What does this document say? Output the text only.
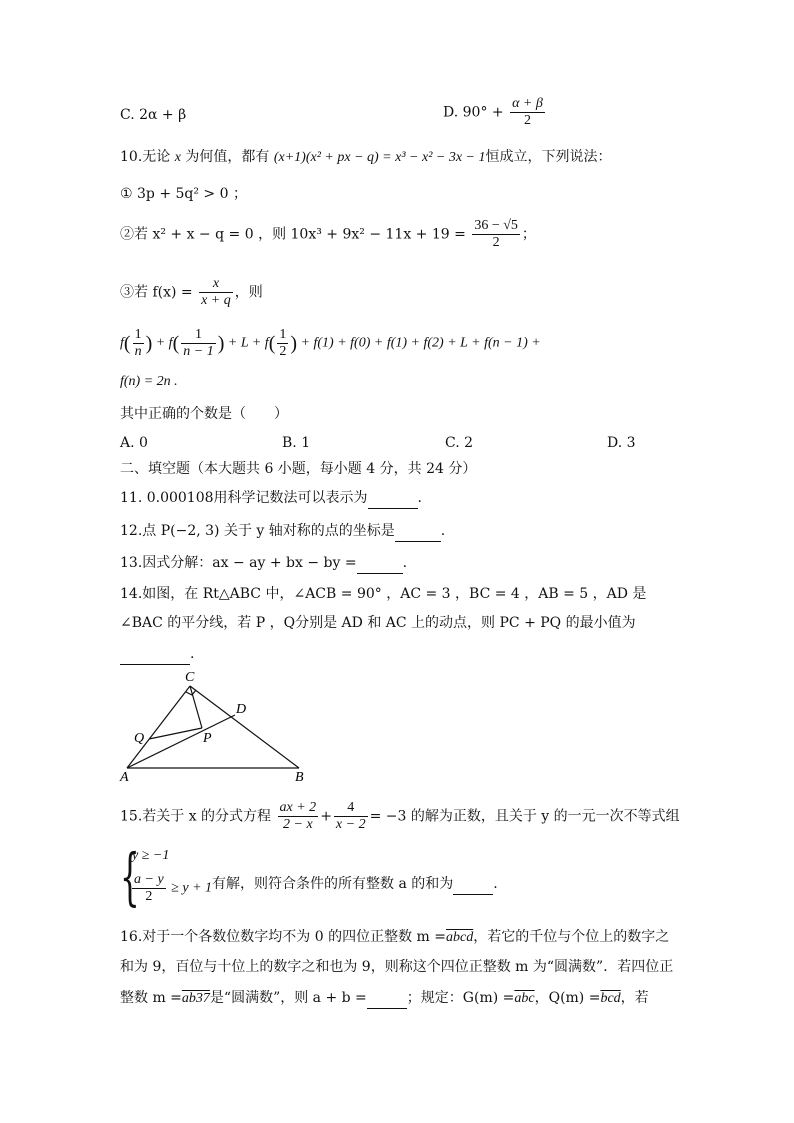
C. 2α + β	D. $90^\circ + \frac{\alpha + \beta}{2}$
10.无论 x 为何值，都有 (x+1)(x² + px − q) = x³ − x² − 3x − 1恒成立，下列说法：
① 3p + 5q² > 0 ；
②若 x² + x − q = 0 ，则 $10x^3 + 9x^2 - 11x + 19 = \frac{36 - √5}{2}$ ；
③若 $f(x) = \frac{x}{x + q}$ ，则
$f( \frac{1}{n}$ ) + $f( \frac{1}{n - 1}$ ) + $L + f( \frac{1}{2}$ ) + f(1) + f(0) + f(1) + f(2) + L + f(n − 1) +
f(n) = 2n .
其中正确的个数是（　　）
A. 0	B. 1	C. 2	D. 3
二、填空题（本大题共 6 小题，每小题 4 分，共 24 分）
11. 0.000108用科学记数法可以表示为	.
12.点 P(−2, 3) 关于 y 轴对称的点的坐标是	.
13.因式分解：ax − ay + bx − by =	.
14.如图，在 Rt△ABC 中，∠ACB = 90° ，AC = 3 ，BC = 4 ，AB = 5 ，AD 是
∠BAC 的平分线，若 P ，Q分别是 AD 和 AC 上的动点，则 PC + PQ 的最小值为
.
C
D
Q	P
A	B
15.若关于 x 的分式方程 $\frac{ax + 2}{2 - x} + \frac{4}{x - 2} = -3$ 的解为正数，且关于 y 的一元一次不等式组
{
y ≥ −1
$\frac{a - y}{2} \ge y + 1$ 有解，则符合条件的所有整数 a 的和为	.
16.对于一个各数位数字均不为 0 的四位正整数 m =abcd，若它的千位与个位上的数字之
和为 9，百位与十位上的数字之和也为 9，则称这个四位正整数 m 为“圆满数”．若四位正
整数 m =ab37是“圆满数”，则 a + b =	；规定：$G(m) =\overline{abc}$，$Q(m) =\overline{bcd}$，若
